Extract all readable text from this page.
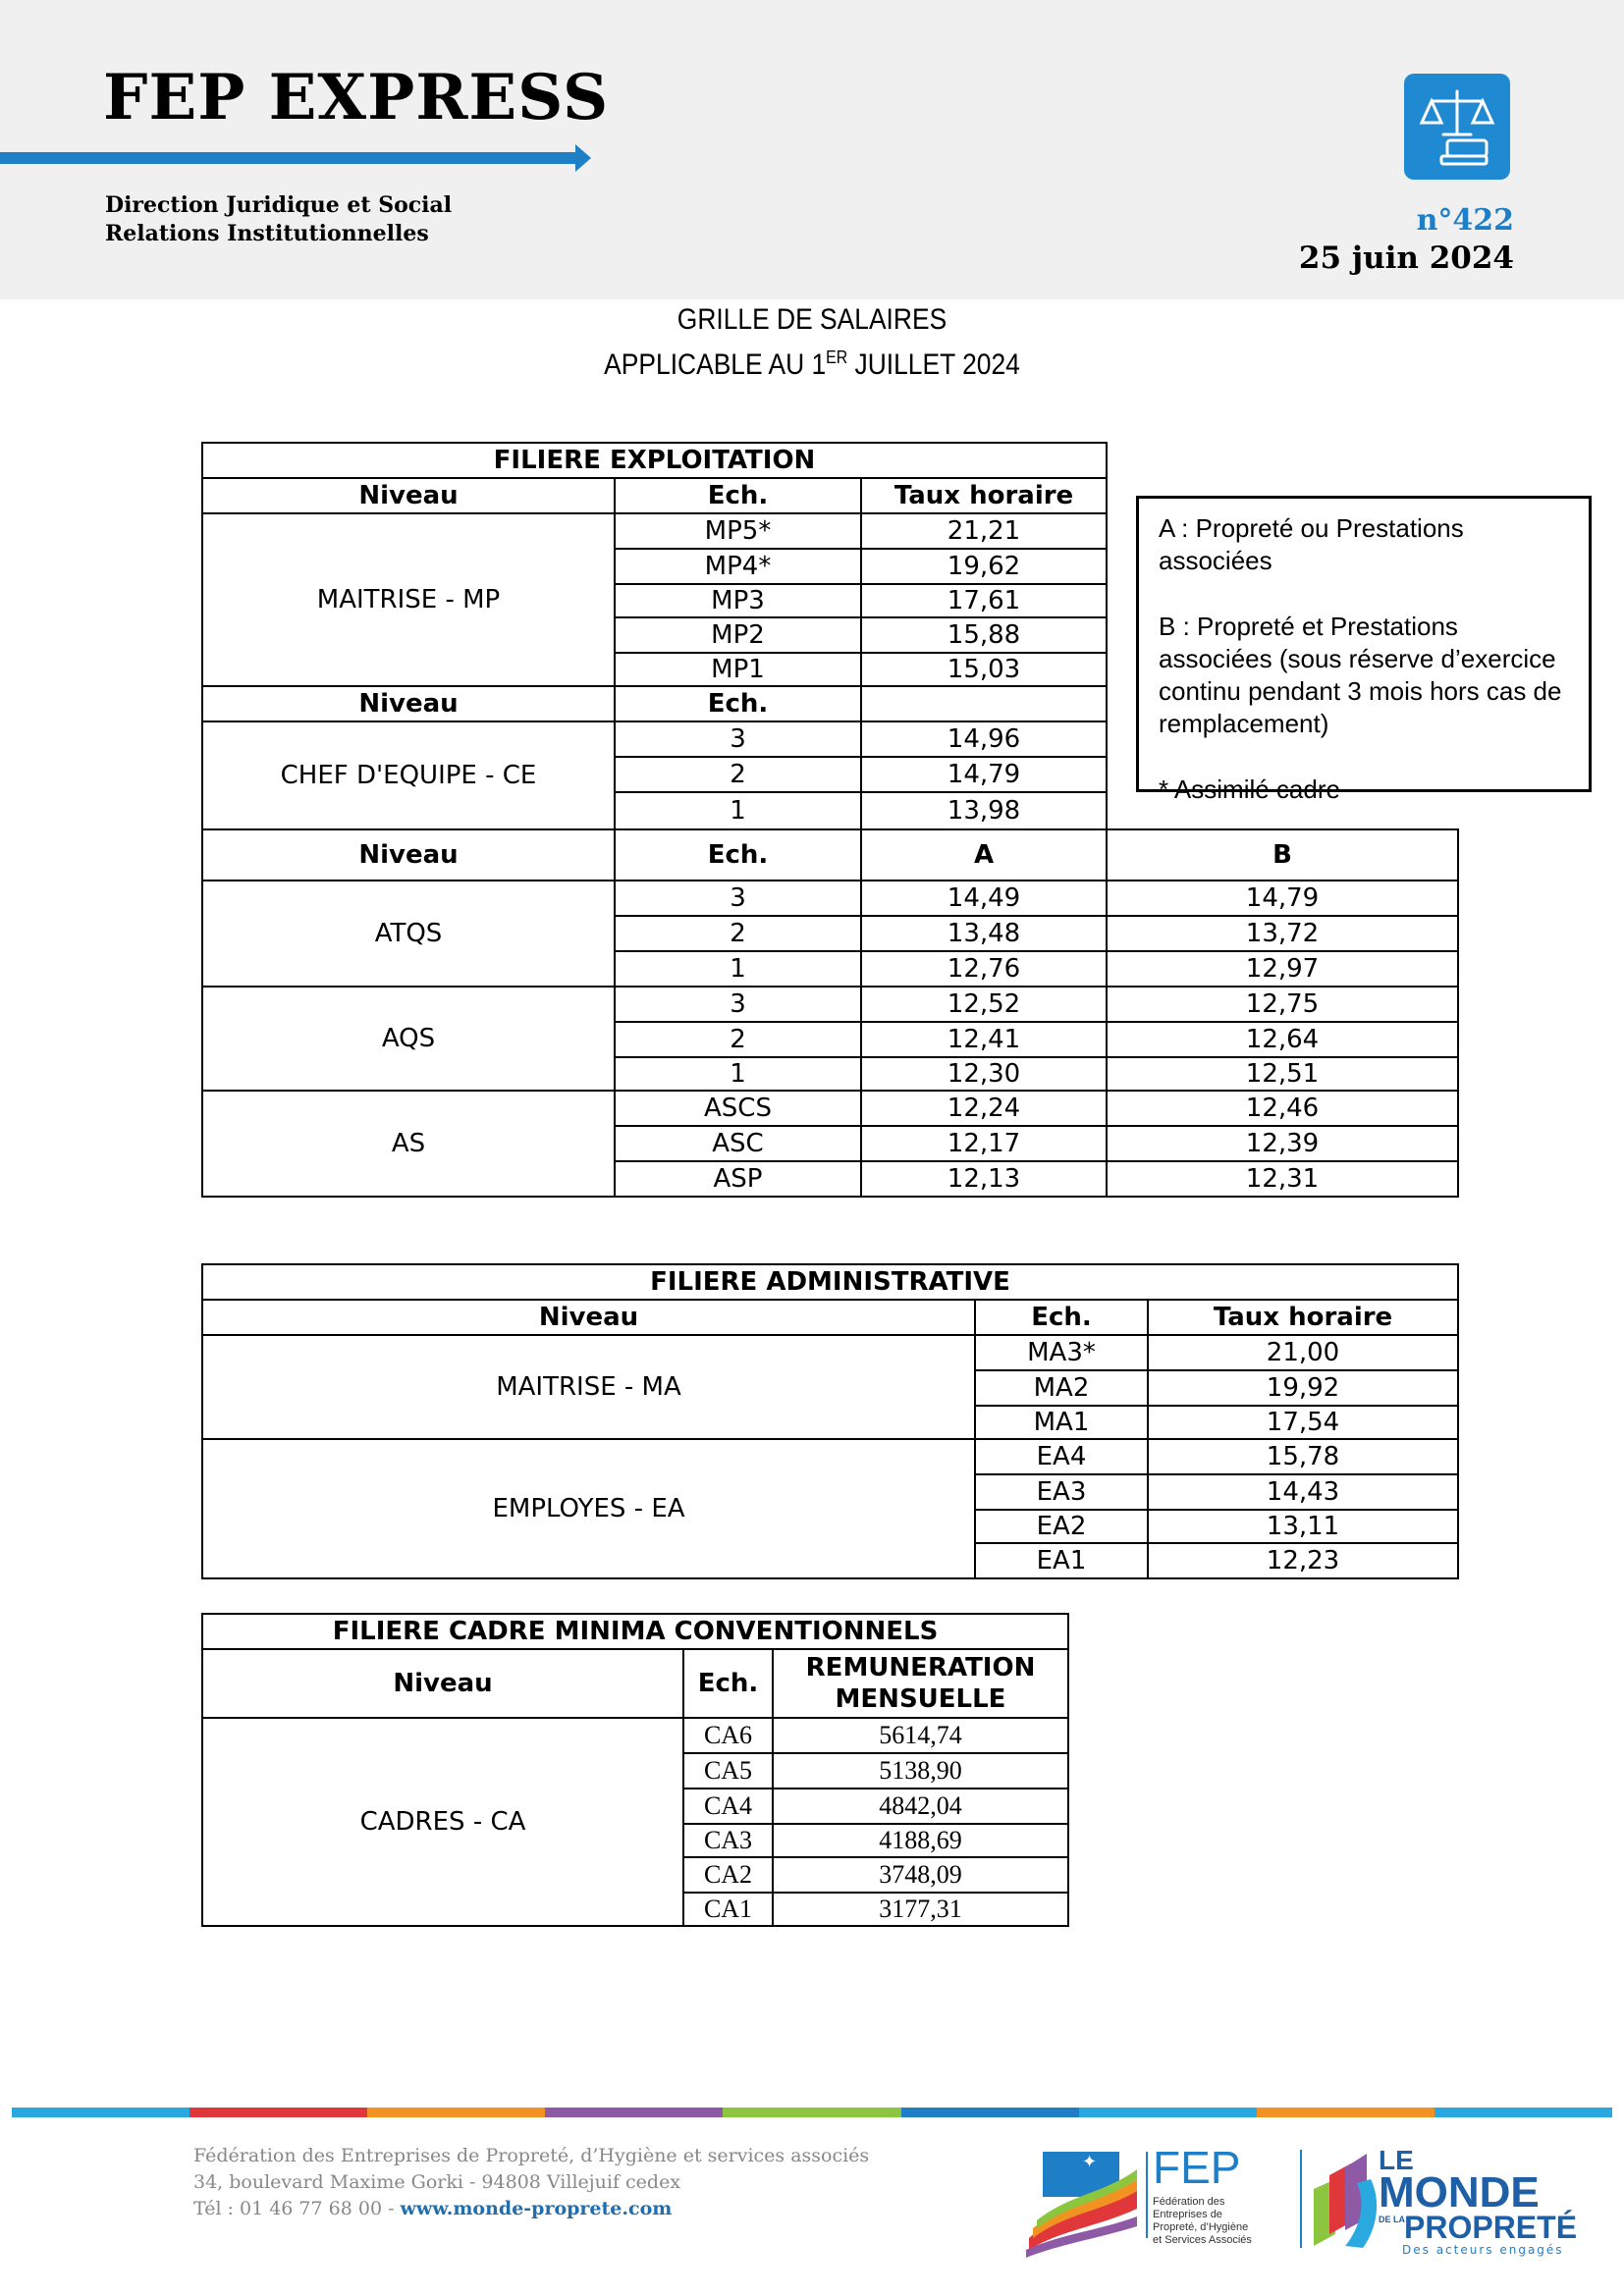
FEP EXPRESS
Direction Juridique et Social
Relations Institutionnelles	n°422
25 juin 2024
GRILLE DE SALAIRES
APPLICABLE AU 1ER JUILLET 2024

A : Propreté ou Prestations associées

B : Propreté et Prestations associées (sous réserve d’exercice continu pendant 3 mois hors cas de remplacement)

* Assimilé cadre

FILIERE EXPLOITATION
Niveau	Ech.	Taux horaire
MAITRISE - MP
MP5*	21,21
MP4*	19,62
MP3	17,61
MP2	15,88
MP1	15,03
Niveau	Ech.
CHEF D'EQUIPE - CE
3	14,96
2	14,79
1	13,98
Niveau	Ech.	A	B
ATQS
3	14,49	14,79
2	13,48	13,72
1	12,76	12,97
AQS
3	12,52	12,75
2	12,41	12,64
1	12,30	12,51
AS
ASCS	12,24	12,46
ASC	12,17	12,39
ASP	12,13	12,31
FILIERE ADMINISTRATIVE
Niveau	Ech.	Taux horaire
MAITRISE - MA
MA3*	21,00
MA2	19,92
MA1	17,54
EMPLOYES - EA
EA4	15,78
EA3	14,43
EA2	13,11
EA1	12,23
FILIERE CADRE MINIMA CONVENTIONNELS
Niveau	Ech.
REMUNERATION
MENSUELLE
CADRES - CA
CA6	5614,74
CA5	5138,90
CA4	4842,04
CA3	4188,69
CA2	3748,09
CA1	3177,31
Fédération des Entreprises de Propreté, d’Hygiène et services associés
34, boulevard Maxime Gorki - 94808 Villejuif cedex
Tél : 01 46 77 68 00 - www.monde-proprete.com
✦ FEP
Fédération des
Entreprises de
Propreté, d’Hygiène
et Services Associés
LE
MONDE
DE LA PROPRETÉ
Des acteurs engagés
